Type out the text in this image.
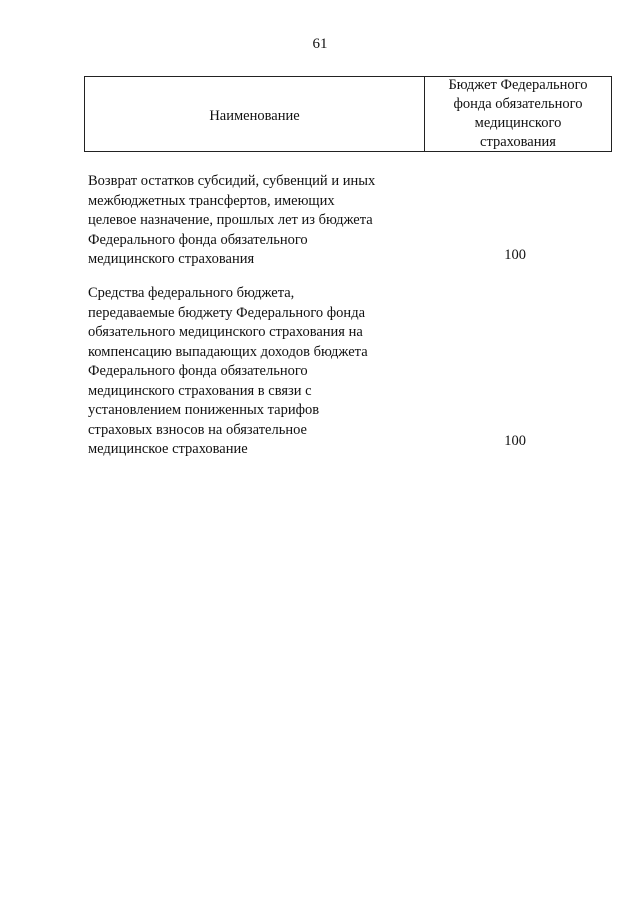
61
Наименование
Бюджет Федерального
фонда обязательного
медицинского
страхования
Возврат остатков субсидий, субвенций и иных
межбюджетных трансфертов, имеющих
целевое назначение, прошлых лет из бюджета
Федерального фонда обязательного
медицинского страхования	100
Средства федерального бюджета,
передаваемые бюджету Федерального фонда
обязательного медицинского страхования на
компенсацию выпадающих доходов бюджета
Федерального фонда обязательного
медицинского страхования в связи с
установлением пониженных тарифов
страховых взносов на обязательное
медицинское страхование	100
